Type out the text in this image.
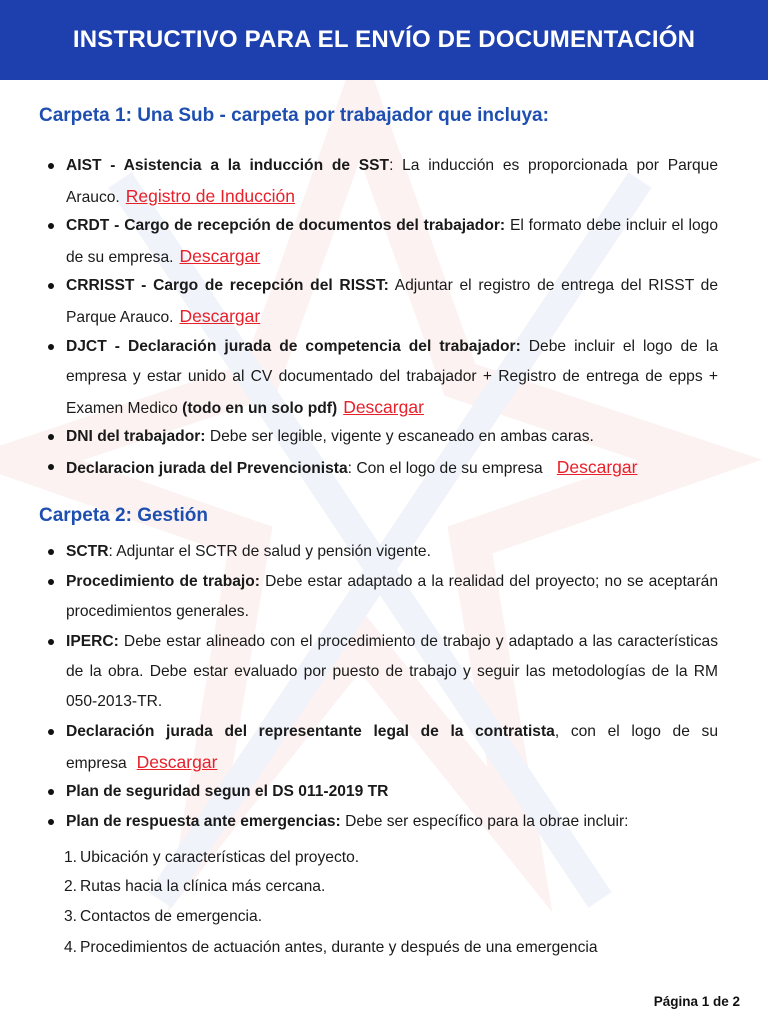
INSTRUCTIVO PARA EL ENVÍO DE DOCUMENTACIÓN
Carpeta 1: Una Sub - carpeta por trabajador que incluya:
AIST - Asistencia a la inducción de SST: La inducción es proporcionada por Parque Arauco. Registro de Inducción
CRDT - Cargo de recepción de documentos del trabajador: El formato debe incluir el logo de su empresa. Descargar
CRRISST - Cargo de recepción del RISST: Adjuntar el registro de entrega del RISST de Parque Arauco. Descargar
DJCT - Declaración jurada de competencia del trabajador: Debe incluir el logo de la empresa y estar unido al CV documentado del trabajador + Registro de entrega de epps + Examen Medico (todo en un solo pdf) Descargar
DNI del trabajador: Debe ser legible, vigente y escaneado en ambas caras.
Declaracion jurada del Prevencionista: Con el logo de su empresa Descargar
Carpeta 2: Gestión
SCTR: Adjuntar el SCTR de salud y pensión vigente.
Procedimiento de trabajo: Debe estar adaptado a la realidad del proyecto; no se aceptarán procedimientos generales.
IPERC: Debe estar alineado con el procedimiento de trabajo y adaptado a las características de la obra. Debe estar evaluado por puesto de trabajo y seguir las metodologías de la RM 050-2013-TR.
Declaración jurada del representante legal de la contratista, con el logo de su empresa Descargar
Plan de seguridad segun el DS 011-2019 TR
Plan de respuesta ante emergencias: Debe ser específico para la obrae incluir:
1. Ubicación y características del proyecto.
2. Rutas hacia la clínica más cercana.
3. Contactos de emergencia.
4. Procedimientos de actuación antes, durante y después de una emergencia
Página 1 de 2
